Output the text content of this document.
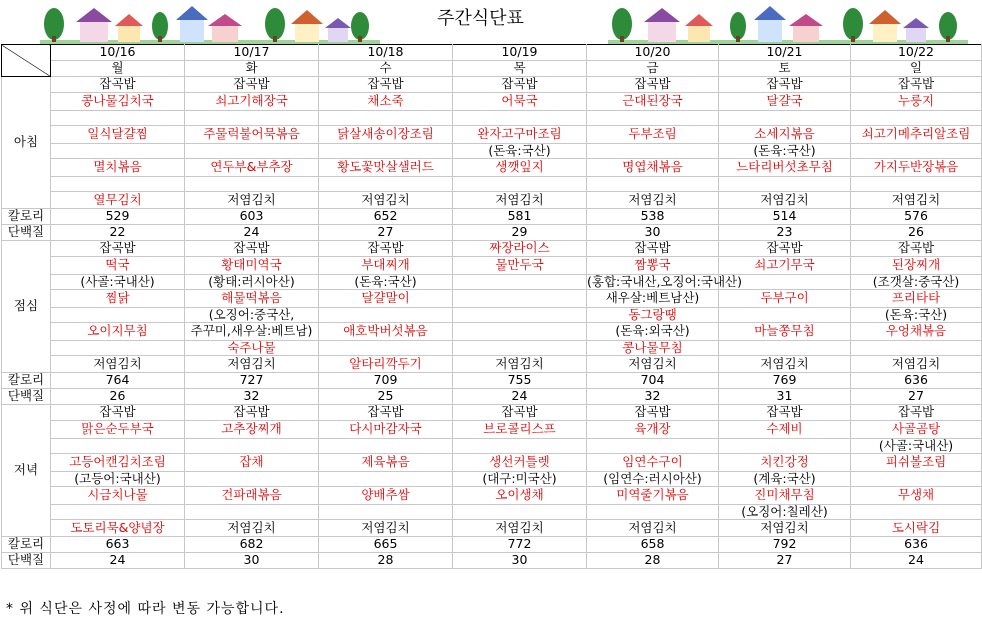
주간식단표
	10/16	10/17	10/18	10/19	10/20	10/21	10/22
	월	화	수	목	금	토	일
아침	잡곡밥	잡곡밥	잡곡밥	잡곡밥	잡곡밥	잡곡밥	잡곡밥
	콩나물김치국	쇠고기해장국	채소죽	어묵국	근대된장국	달걀국	누룽지

	일식달걀찜	주물럭불어묵볶음	닭살새송이장조림	완자고구마조림	두부조림	소세지볶음	쇠고기메추리알조림
				(돈육:국산)		(돈육:국산)	
	멸치볶음	연두부&부추장	황도꽃맛살샐러드	생깻잎지	명엽채볶음	느타리버섯초무침	가지두반장볶음

	열무김치	저염김치	저염김치	저염김치	저염김치	저염김치	저염김치
칼로리	529	603	652	581	538	514	576
단백질	22	24	27	29	30	23	26
점심	잡곡밥	잡곡밥	잡곡밥	짜장라이스	잡곡밥	잡곡밥	잡곡밥
	떡국	황태미역국	부대찌개	물만두국	짬뽕국	쇠고기무국	된장찌개
	(사골:국내산)	(황태:러시아산)	(돈육:국산)		(홍합:국내산,오징어:국내산)		(조갯살:중국산)
	찜닭	해물떡볶음	달걀말이		새우살:베트남산)	두부구이	프리타타
		(오징어:중국산,			동그랑땡		(돈육:국산)
	오이지무침	주꾸미,새우살:베트남)	애호박버섯볶음		(돈육:외국산)	마늘쫑무침	우엉채볶음
		숙주나물			콩나물무침		
	저염김치	저염김치	알타리깍두기	저염김치	저염김치	저염김치	저염김치
칼로리	764	727	709	755	704	769	636
단백질	26	32	25	24	32	31	27
저녁	잡곡밥	잡곡밥	잡곡밥	잡곡밥	잡곡밥	잡곡밥	잡곡밥
	맑은순두부국	고추장찌개	다시마감자국	브로콜리스프	육개장	수제비	사골곰탕
							(사골:국내산)
	고등어캔김치조림	잡채	제육볶음	생선커틀렛	임연수구이	치킨강정	피쉬볼조림
	(고등어:국내산)			(대구:미국산)	(임연수:러시아산)	(계육:국산)	
	시금치나물	건파래볶음	양배추쌈	오이생채	미역줄기볶음	진미채무침	무생채
						(오징어:칠레산)	
	도토리묵&양념장	저염김치	저염김치	저염김치	저염김치	저염김치	도시락김
칼로리	663	682	665	772	658	792	636
단백질	24	30	28	30	28	27	24
* 위 식단은 사정에 따라 변동 가능합니다.
